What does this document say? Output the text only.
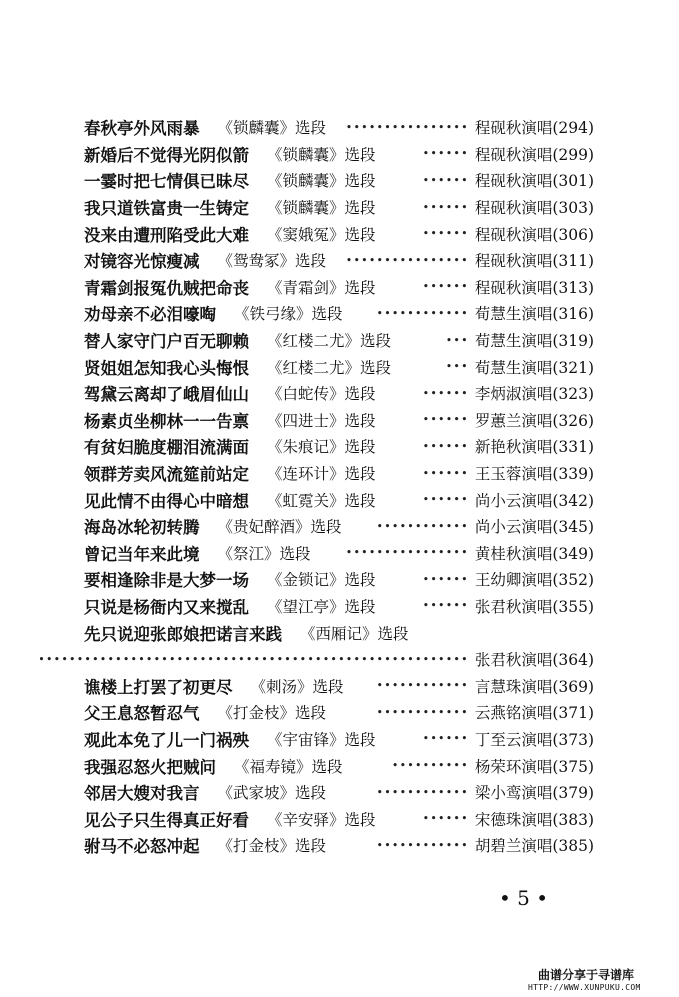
春秋亭外风雨暴 《锁麟囊》选段	•••••••••••••••• 程砚秋演唱(294)
新婚后不觉得光阴似箭 《锁麟囊》选段	•••••• 程砚秋演唱(299)
一霎时把七情俱已昧尽 《锁麟囊》选段	•••••• 程砚秋演唱(301)
我只道铁富贵一生铸定 《锁麟囊》选段	•••••• 程砚秋演唱(303)
没来由遭刑陷受此大难 《窦娥冤》选段	•••••• 程砚秋演唱(306)
对镜容光惊瘦减 《鸳鸯冢》选段	•••••••••••••••• 程砚秋演唱(311)
青霜剑报冤仇贼把命丧 《青霜剑》选段	•••••• 程砚秋演唱(313)
劝母亲不必泪嚎啕 《铁弓缘》选段	•••••••••••• 荀慧生演唱(316)
替人家守门户百无聊赖 《红楼二尤》选段	••• 荀慧生演唱(319)
贤姐姐怎知我心头悔恨 《红楼二尤》选段	••• 荀慧生演唱(321)
驾黛云离却了峨眉仙山 《白蛇传》选段	•••••• 李炳淑演唱(323)
杨素贞坐柳林一一告禀 《四进士》选段	•••••• 罗蕙兰演唱(326)
有贫妇脆度棚泪流满面 《朱痕记》选段	•••••• 新艳秋演唱(331)
领群芳卖风流筵前站定 《连环计》选段	•••••• 王玉蓉演唱(339)
见此情不由得心中暗想 《虹霓关》选段	•••••• 尚小云演唱(342)
海岛冰轮初转腾 《贵妃醉酒》选段	•••••••••••• 尚小云演唱(345)
曾记当年来此境 《祭江》选段	•••••••••••••••• 黄桂秋演唱(349)
要相逢除非是大梦一场 《金锁记》选段	•••••• 王幼卿演唱(352)
只说是杨衙内又来搅乱 《望江亭》选段	•••••• 张君秋演唱(355)
先只说迎张郎娘把诺言来践 《西厢记》选段
•••••••••••••••••••••••••••••••••••••••••••••••••••••••• 张君秋演唱(364)
谯楼上打罢了初更尽 《刺汤》选段	•••••••••••• 言慧珠演唱(369)
父王息怒暂忍气 《打金枝》选段	•••••••••••• 云燕铭演唱(371)
观此本免了儿一门祸殃 《宇宙锋》选段	•••••• 丁至云演唱(373)
我强忍怒火把贼问 《福寿镜》选段	•••••••••• 杨荣环演唱(375)
邻居大嫂对我言 《武家坡》选段	•••••••••••• 梁小鸾演唱(379)
见公子只生得真正好看 《辛安驿》选段	•••••• 宋德珠演唱(383)
驸马不必怒冲起 《打金枝》选段	•••••••••••• 胡碧兰演唱(385)
• 5 •
曲谱分享于寻谱库
HTTP://WWW.XUNPUKU.COM
